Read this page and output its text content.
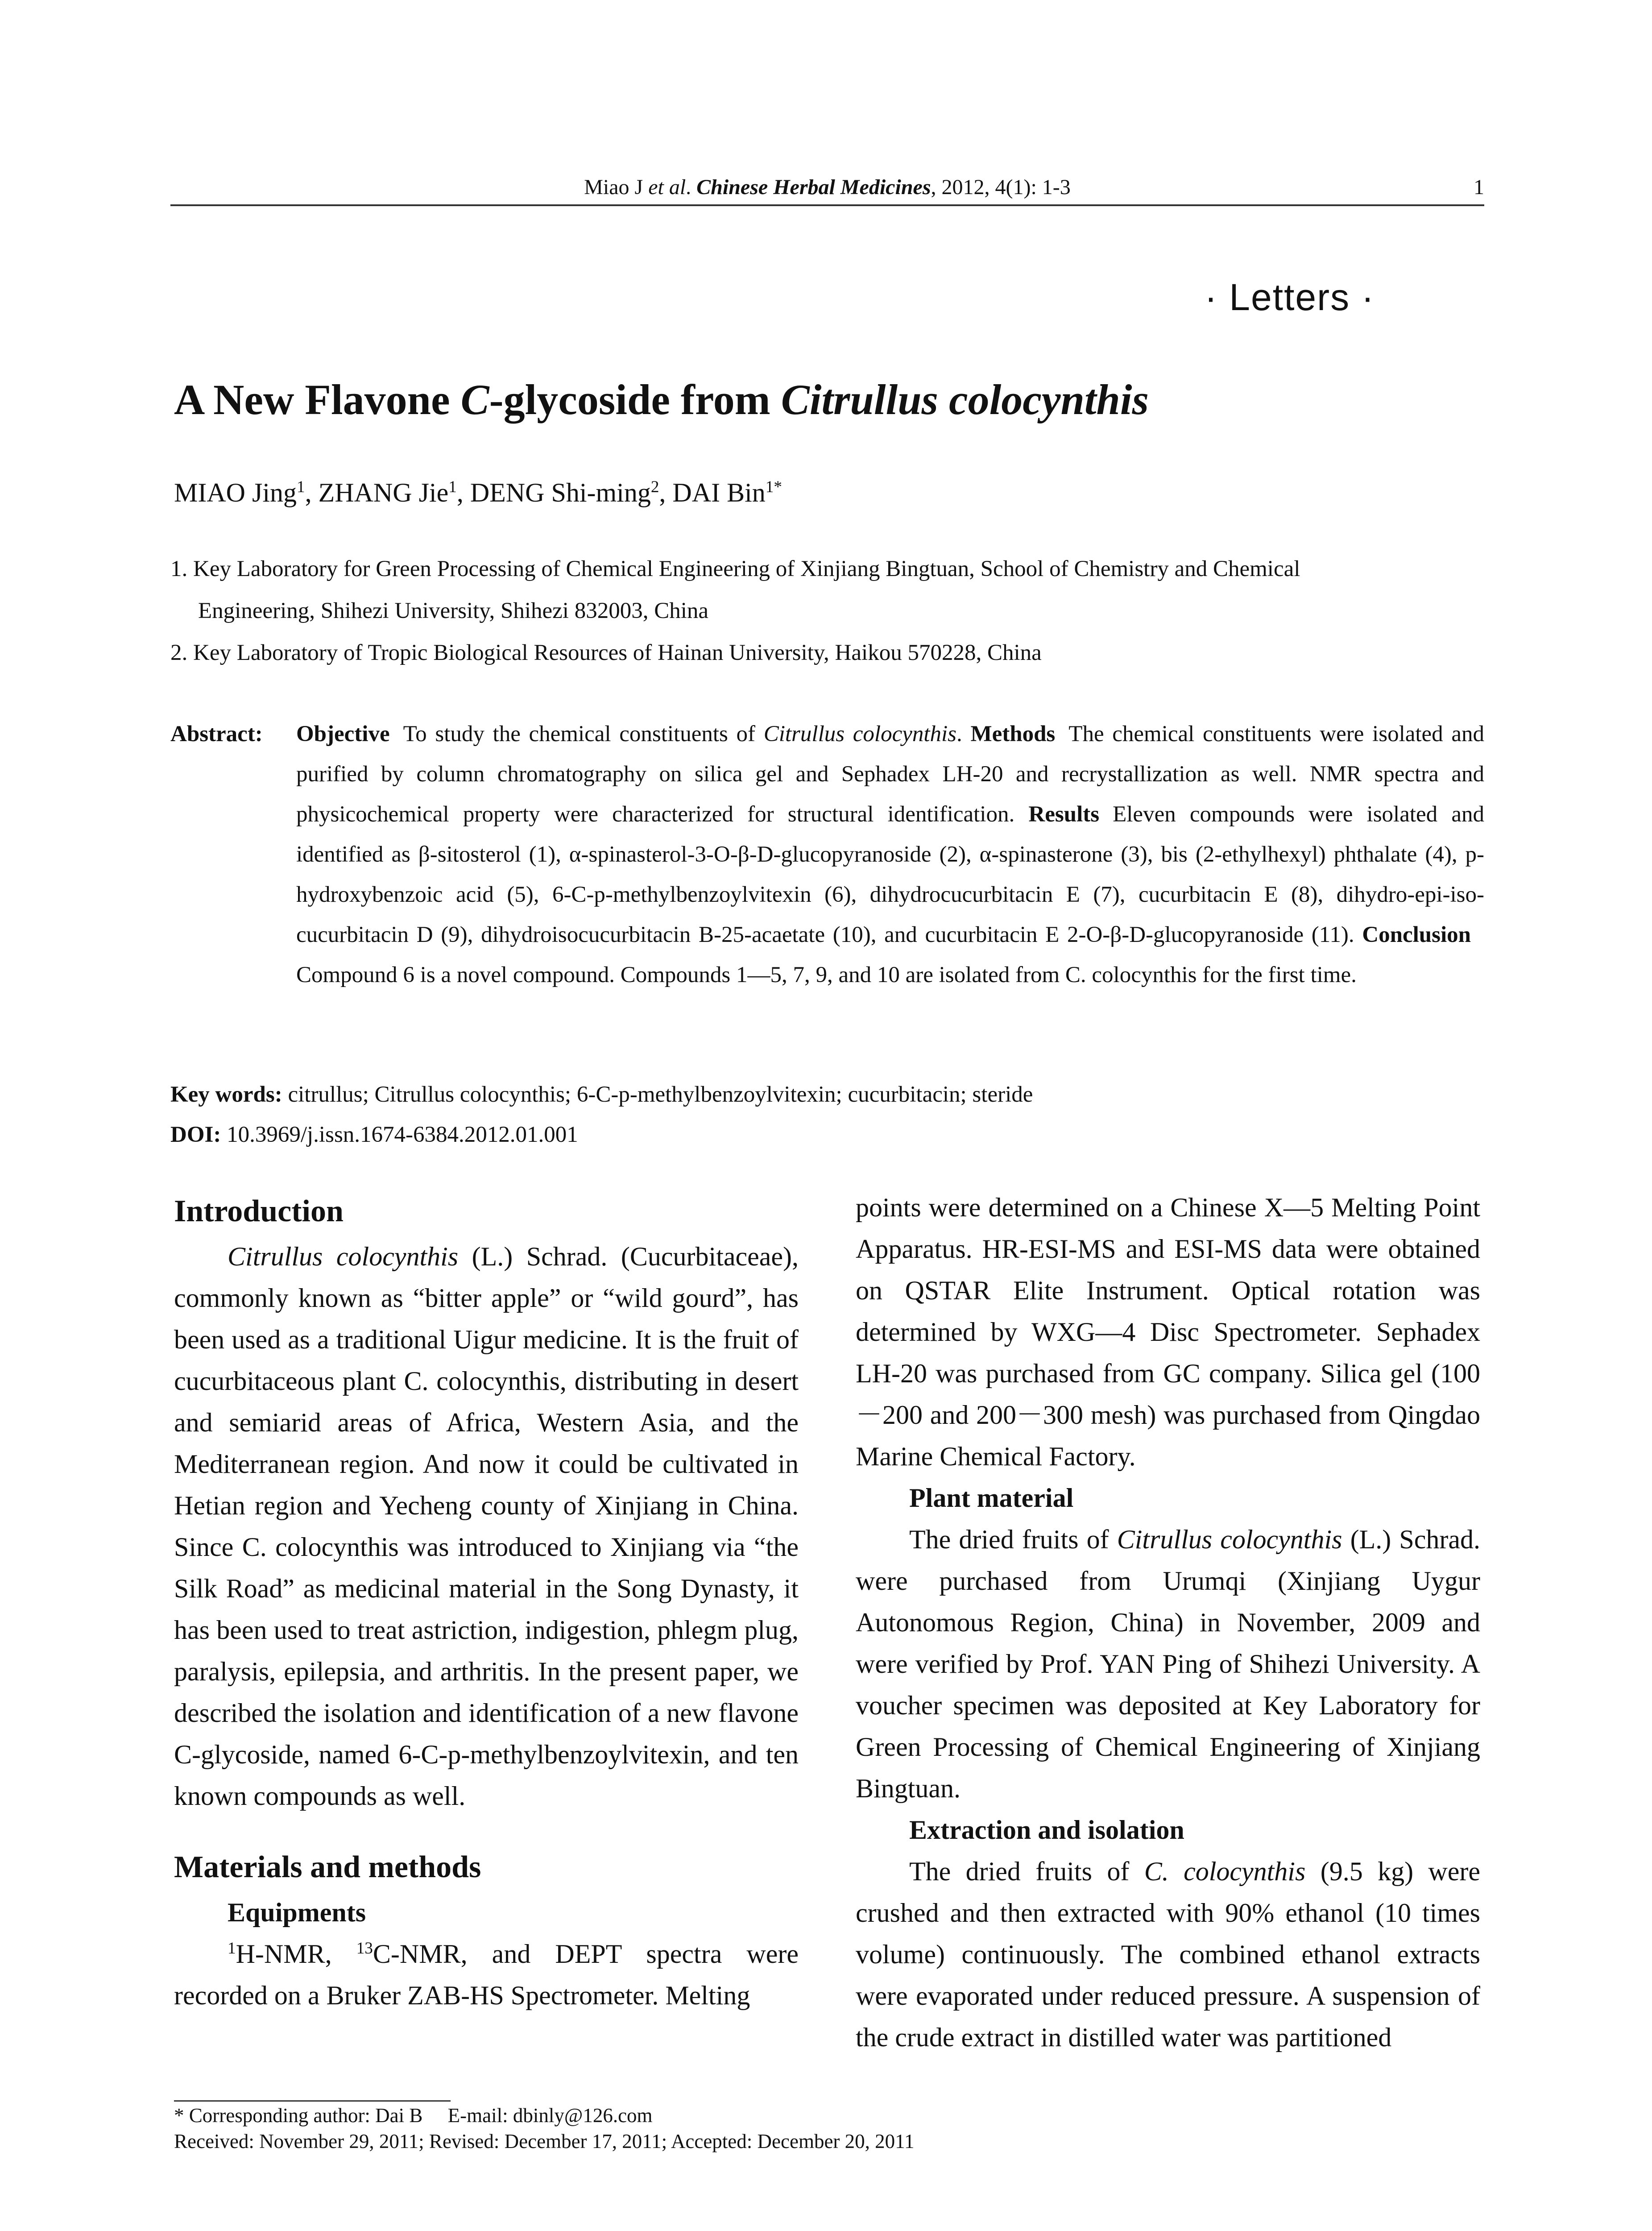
Miao J et al. Chinese Herbal Medicines, 2012, 4(1): 1-3	1
· Letters ·
A New Flavone C-glycoside from Citrullus colocynthis
MIAO Jing$^1$, ZHANG Jie$^1$, DENG Shi-ming$^2$, DAI Bin$^{1*}$
1. Key Laboratory for Green Processing of Chemical Engineering of Xinjiang Bingtuan, School of Chemistry and Chemical
Engineering, Shihezi University, Shihezi 832003, China
2. Key Laboratory of Tropic Biological Resources of Hainan University, Haikou 570228, China
Abstract: Objective To study the chemical constituents of Citrullus colocynthis. Methods The chemical constituents were isolated and purified by column chromatography on silica gel and Sephadex LH-20 and recrystallization as well. NMR spectra and physicochemical property were characterized for structural identification. Results Eleven compounds were isolated and identified as β-sitosterol (1), α-spinasterol-3-O-β-D-glucopyranoside (2), α-spinasterone (3), bis (2-ethylhexyl) phthalate (4), p-hydroxybenzoic acid (5), 6-C-p-methylbenzoylvitexin (6), dihydrocucurbitacin E (7), cucurbitacin E (8), dihydro-epi-iso-cucurbitacin D (9), dihydroisocucurbitacin B-25-acaetate (10), and cucurbitacin E 2-O-β-D-glucopyranoside (11). ConclusionCompound 6 is a novel compound. Compounds 1—5, 7, 9, and 10 are isolated from C. colocynthis for the first time.
Key words: citrullus; Citrullus colocynthis; 6-C-p-methylbenzoylvitexin; cucurbitacin; steride
DOI: 10.3969/j.issn.1674-6384.2012.01.001
Introduction

Citrullus colocynthis (L.) Schrad. (Cucurbitaceae), commonly known as “bitter apple” or “wild gourd”, has been used as a traditional Uigur medicine. It is the fruit of cucurbitaceous plant C. colocynthis, distributing in desert and semiarid areas of Africa, Western Asia, and the Mediterranean region. And now it could be cultivated in Hetian region and Yecheng county of Xinjiang in China. Since C. colocynthis was introduced to Xinjiang via “the Silk Road” as medicinal material in the Song Dynasty, it has been used to treat astriction, indigestion, phlegm plug, paralysis, epilepsia, and arthritis. In the present paper, we described the isolation and identification of a new flavone C-glycoside, named 6-C-p-methylbenzoylvitexin, and ten known compounds as well.

Materials and methods
Equipments

$^1$H-NMR, $^{13}$C-NMR, and DEPT spectra were recorded on a Bruker ZAB-HS Spectrometer. Melting

points were determined on a Chinese X―5 Melting Point Apparatus. HR-ESI-MS and ESI-MS data were obtained on QSTAR Elite Instrument. Optical rotation was determined by WXG―4 Disc Spectrometer. Sephadex LH-20 was purchased from GC company. Silica gel (100－200 and 200－300 mesh) was purchased from Qingdao Marine Chemical Factory.

Plant material

The dried fruits of Citrullus colocynthis (L.) Schrad. were purchased from Urumqi (Xinjiang Uygur Autonomous Region, China) in November, 2009 and were verified by Prof. YAN Ping of Shihezi University. A voucher specimen was deposited at Key Laboratory for Green Processing of Chemical Engineering of Xinjiang Bingtuan.

Extraction and isolation

The dried fruits of C. colocynthis (9.5 kg) were crushed and then extracted with 90% ethanol (10 times volume) continuously. The combined ethanol extracts were evaporated under reduced pressure. A suspension of the crude extract in distilled water was partitioned

* Corresponding author: Dai B     E-mail: dbinly@126.com
Received: November 29, 2011; Revised: December 17, 2011; Accepted: December 20, 2011
